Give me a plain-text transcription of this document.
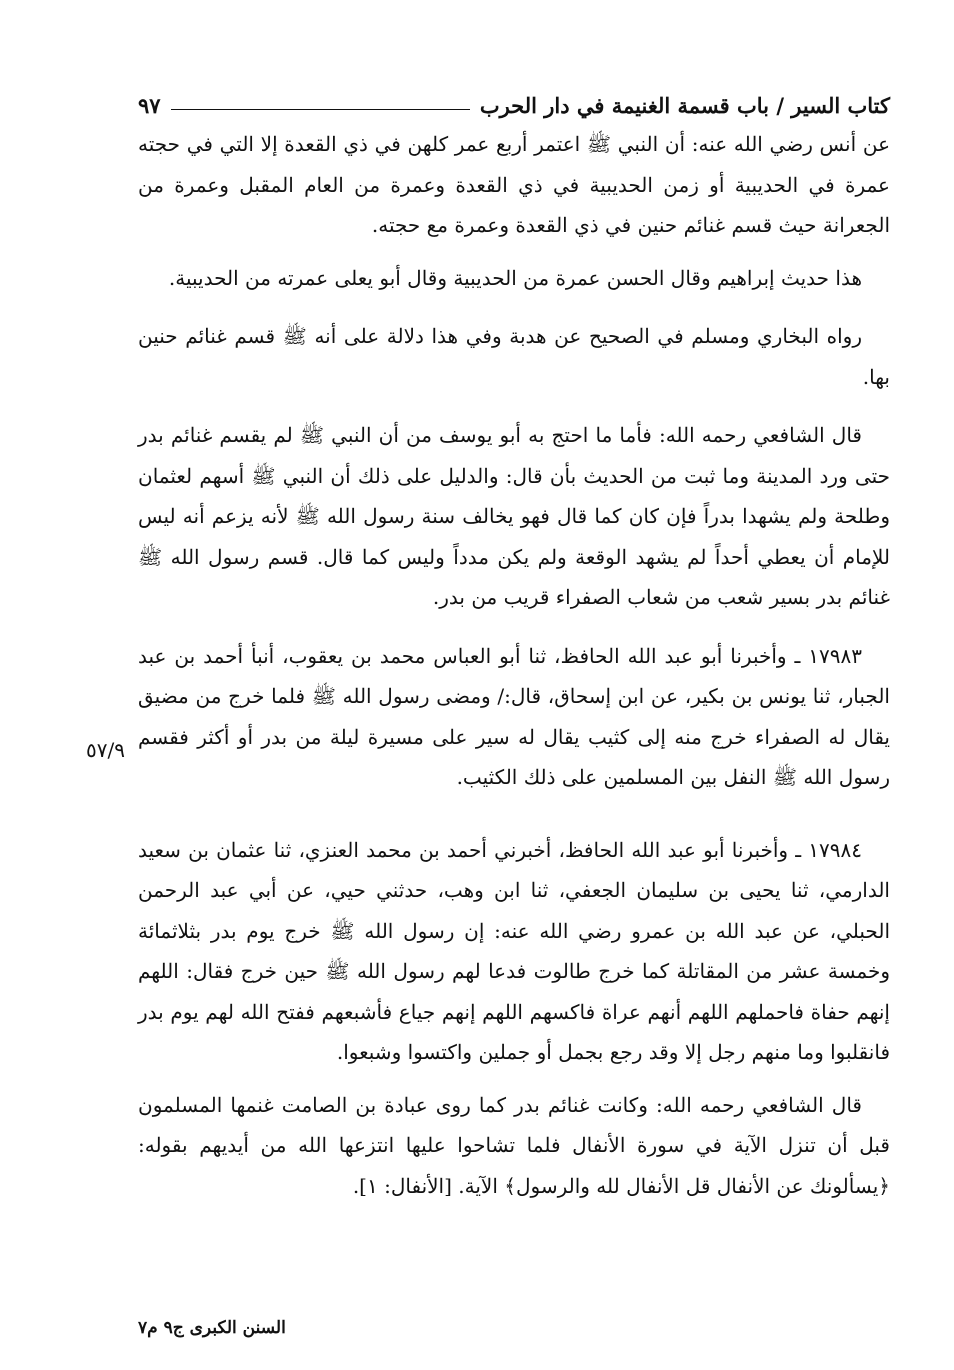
كتاب السير / باب قسمة الغنيمة في دار الحرب
٩٧

عن أنس رضي الله عنه: أن النبي ﷺ اعتمر أربع عمر كلهن في ذي القعدة إلا التي في حجته عمرة في الحديبية أو زمن الحديبية في ذي القعدة وعمرة من العام المقبل وعمرة من الجعرانة حيث قسم غنائم حنين في ذي القعدة وعمرة مع حجته.

هذا حديث إبراهيم وقال الحسن عمرة من الحديبية وقال أبو يعلى عمرته من الحديبية.

رواه البخاري ومسلم في الصحيح عن هدبة وفي هذا دلالة على أنه ﷺ قسم غنائم حنين بها.

قال الشافعي رحمه الله: فأما ما احتج به أبو يوسف من أن النبي ﷺ لم يقسم غنائم بدر حتى ورد المدينة وما ثبت من الحديث بأن قال: والدليل على ذلك أن النبي ﷺ أسهم لعثمان وطلحة ولم يشهدا بدراً فإن كان كما قال فهو يخالف سنة رسول الله ﷺ لأنه يزعم أنه ليس للإمام أن يعطي أحداً لم يشهد الوقعة ولم يكن مدداً وليس كما قال. قسم رسول الله ﷺ غنائم بدر بسير شعب من شعاب الصفراء قريب من بدر.

١٧٩٨٣ ـ وأخبرنا أبو عبد الله الحافظ، ثنا أبو العباس محمد بن يعقوب، أنبأ أحمد بن عبد الجبار، ثنا يونس بن بكير، عن ابن إسحاق، قال:/ ومضى رسول الله ﷺ فلما خرج من مضيق يقال له الصفراء خرج منه إلى كثيب يقال له سير على مسيرة ليلة من بدر أو أكثر فقسم رسول الله ﷺ النفل بين المسلمين على ذلك الكثيب.

١٧٩٨٤ ـ وأخبرنا أبو عبد الله الحافظ، أخبرني أحمد بن محمد العنزي، ثنا عثمان بن سعيد الدارمي، ثنا يحيى بن سليمان الجعفي، ثنا ابن وهب، حدثني حيي، عن أبي عبد الرحمن الحبلي، عن عبد الله بن عمرو رضي الله عنه: إن رسول الله ﷺ خرج يوم بدر بثلاثمائة وخمسة عشر من المقاتلة كما خرج طالوت فدعا لهم رسول الله ﷺ حين خرج فقال: اللهم إنهم حفاة فاحملهم اللهم أنهم عراة فاكسهم اللهم إنهم جياع فأشبعهم ففتح الله لهم يوم بدر فانقلبوا وما منهم رجل إلا وقد رجع بجمل أو جملين واكتسوا وشبعوا.

قال الشافعي رحمه الله: وكانت غنائم بدر كما روى عبادة بن الصامت غنمها المسلمون قبل أن تنزل الآية في سورة الأنفال فلما تشاحوا عليها انتزعها الله من أيديهم بقوله: ﴿يسألونك عن الأنفال قل الأنفال لله والرسول﴾ الآية. [الأنفال: ١].

٥٧/٩
السنن الكبرى ج٩ م٧
